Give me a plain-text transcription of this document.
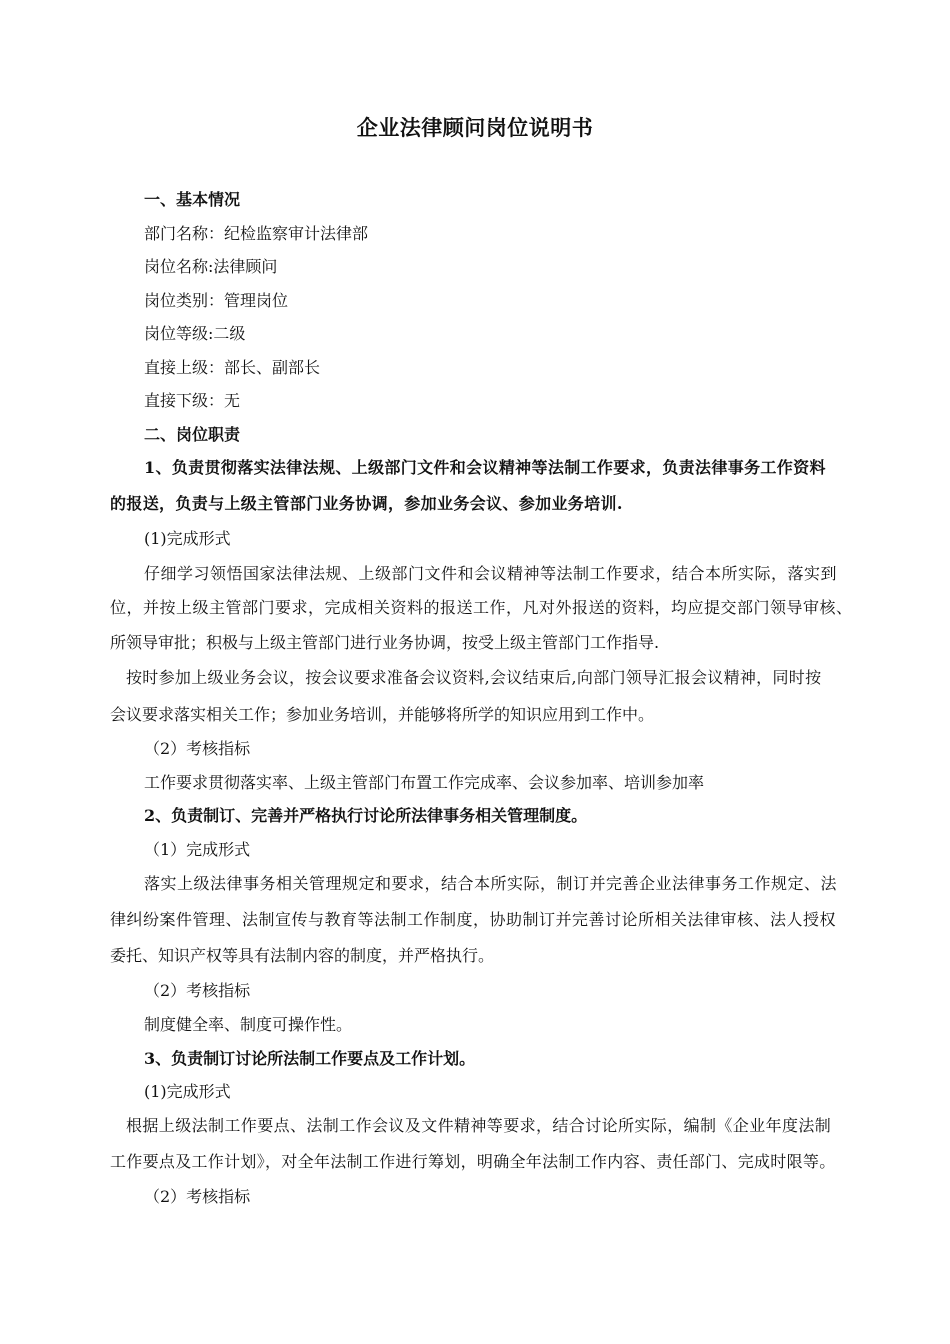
企业法律顾问岗位说明书
一、基本情况
部门名称：纪检监察审计法律部
岗位名称:法律顾问
岗位类别：管理岗位
岗位等级:二级
直接上级：部长、副部长
直接下级：无
二、岗位职责
1、负责贯彻落实法律法规、上级部门文件和会议精神等法制工作要求，负责法律事务工作资料
的报送，负责与上级主管部门业务协调，参加业务会议、参加业务培训.
(1)完成形式
仔细学习领悟国家法律法规、上级部门文件和会议精神等法制工作要求，结合本所实际，落实到
位，并按上级主管部门要求，完成相关资料的报送工作，凡对外报送的资料，均应提交部门领导审核、
所领导审批；积极与上级主管部门进行业务协调，按受上级主管部门工作指导.
按时参加上级业务会议，按会议要求准备会议资料,会议结束后,向部门领导汇报会议精神，同时按
会议要求落实相关工作；参加业务培训，并能够将所学的知识应用到工作中。
（2）考核指标
工作要求贯彻落实率、上级主管部门布置工作完成率、会议参加率、培训参加率
2、负责制订、完善并严格执行讨论所法律事务相关管理制度。
（1）完成形式
落实上级法律事务相关管理规定和要求，结合本所实际，制订并完善企业法律事务工作规定、法
律纠纷案件管理、法制宣传与教育等法制工作制度，协助制订并完善讨论所相关法律审核、法人授权
委托、知识产权等具有法制内容的制度，并严格执行。
（2）考核指标
制度健全率、制度可操作性。
3、负责制订讨论所法制工作要点及工作计划。
(1)完成形式
根据上级法制工作要点、法制工作会议及文件精神等要求，结合讨论所实际，编制《企业年度法制
工作要点及工作计划》，对全年法制工作进行筹划，明确全年法制工作内容、责任部门、完成时限等。
（2）考核指标
